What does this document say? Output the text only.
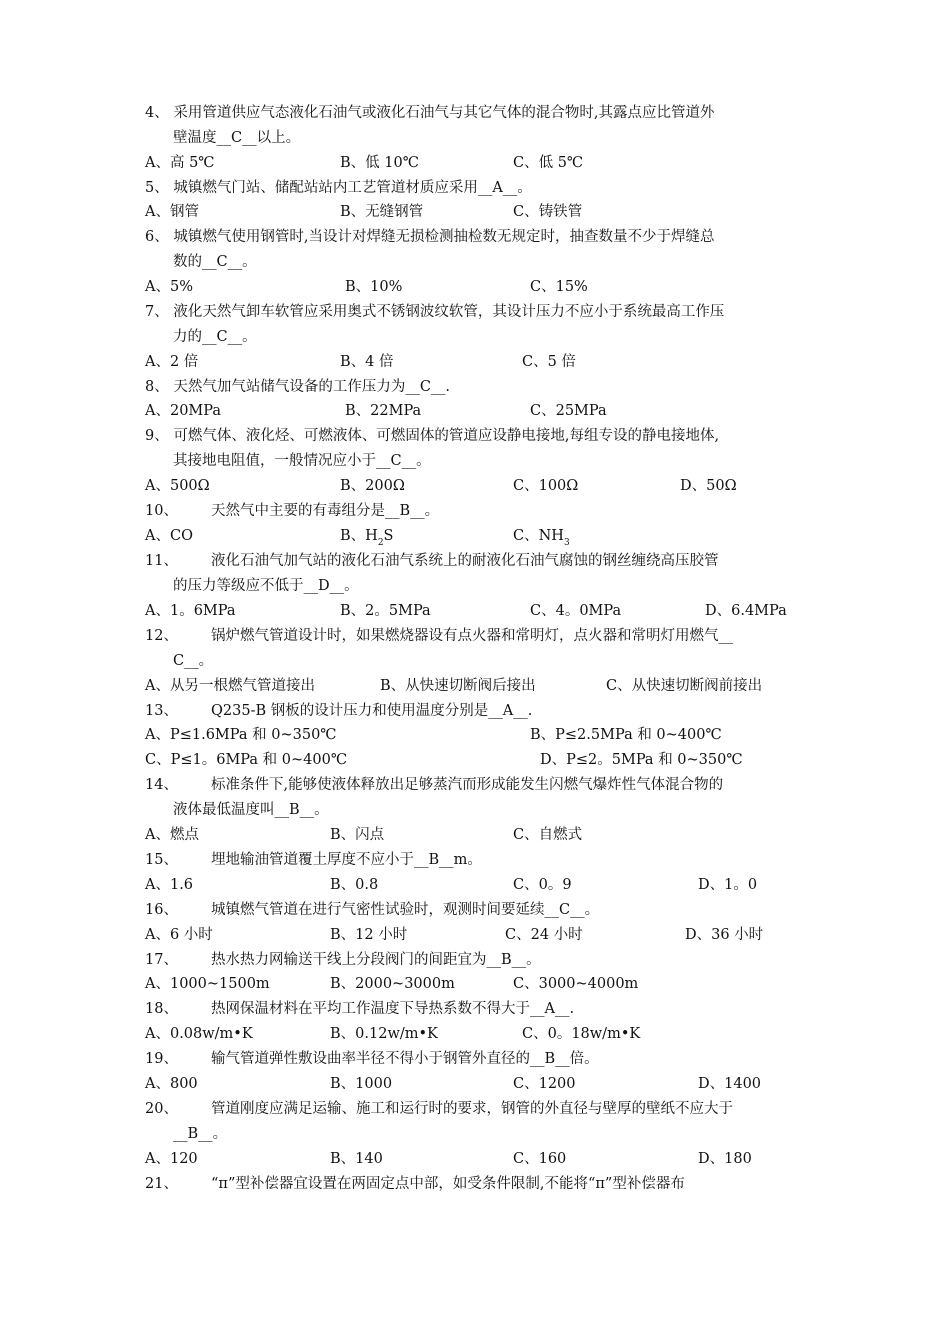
4、 采用管道供应气态液化石油气或液化石油气与其它气体的混合物时,其露点应比管道外
壁温度__C__以上。
A、高 5℃	B、低 10℃	C、低 5℃
5、 城镇燃气门站、储配站站内工艺管道材质应采用__A__。
A、钢管	B、无缝钢管	C、铸铁管
6、 城镇燃气使用钢管时,当设计对焊缝无损检测抽检数无规定时，抽查数量不少于焊缝总
数的__C__。
A、5%	B、10%	C、15%
7、 液化天然气卸车软管应采用奥式不锈钢波纹软管，其设计压力不应小于系统最高工作压
力的__C__。
A、2 倍	B、4 倍	C、5 倍
8、 天然气加气站储气设备的工作压力为__C__.
A、20MPa	B、22MPa	C、25MPa
9、 可燃气体、液化烃、可燃液体、可燃固体的管道应设静电接地,每组专设的静电接地体,
其接地电阻值，一般情况应小于__C__。
A、500Ω	B、200Ω	C、100Ω	D、50Ω
10、 天然气中主要的有毒组分是__B__。
A、CO	B、$H_2S$	C、$NH_3$
11、 液化石油气加气站的液化石油气系统上的耐液化石油气腐蚀的钢丝缠绕高压胶管
的压力等级应不低于__D__。
A、1。6MPa	B、2。5MPa	C、4。0MPa	D、6.4MPa
12、 锅炉燃气管道设计时，如果燃烧器设有点火器和常明灯，点火器和常明灯用燃气__
C__。
A、从另一根燃气管道接出	B、从快速切断阀后接出	C、从快速切断阀前接出
13、 Q235-B 钢板的设计压力和使用温度分别是__A__.
A、P≤1.6MPa 和 0~350℃	B、P≤2.5MPa 和 0~400℃
C、P≤1。6MPa 和 0~400℃	D、P≤2。5MPa 和 0~350℃
14、 标准条件下,能够使液体释放出足够蒸汽而形成能发生闪燃气爆炸性气体混合物的
液体最低温度叫__B__。
A、燃点	B、闪点	C、自燃式
15、 埋地输油管道覆土厚度不应小于__B__m。
A、1.6	B、0.8	C、0。9	D、1。0
16、 城镇燃气管道在进行气密性试验时，观测时间要延续__C__。
A、6 小时	B、12 小时	C、24 小时	D、36 小时
17、 热水热力网输送干线上分段阀门的间距宜为__B__。
A、1000~1500m	B、2000~3000m	C、3000~4000m
18、 热网保温材料在平均工作温度下导热系数不得大于__A__.
A、0.08w/m•K	B、0.12w/m•K	C、0。18w/m•K
19、 输气管道弹性敷设曲率半径不得小于钢管外直径的__B__倍。
A、800	B、1000	C、1200	D、1400
20、 管道刚度应满足运输、施工和运行时的要求，钢管的外直径与壁厚的壁纸不应大于
__B__。
A、120	B、140	C、160	D、180
21、 “π”型补偿器宜设置在两固定点中部，如受条件限制,不能将“π”型补偿器布
